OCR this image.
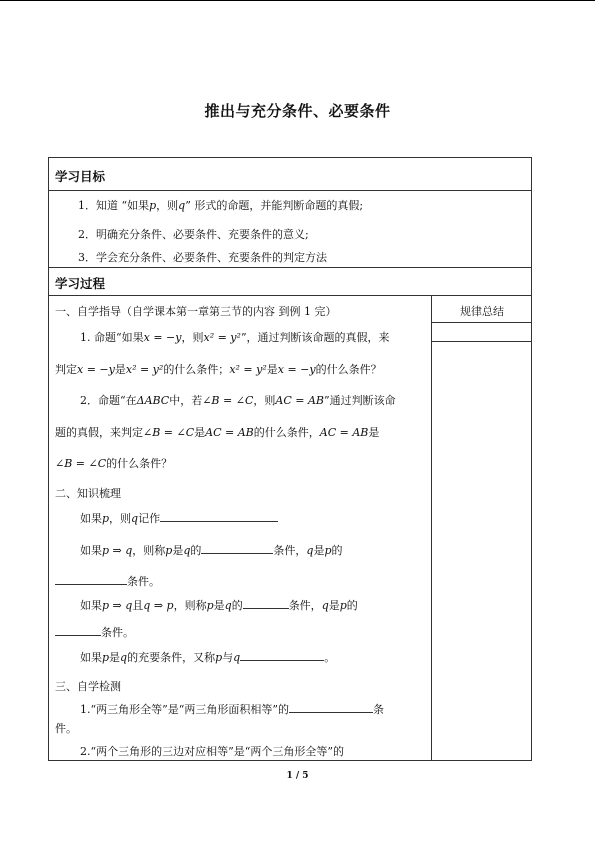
推出与充分条件、必要条件
学习目标
1．知道 “如果p，则q” 形式的命题，并能判断命题的真假;
2．明确充分条件、必要条件、充要条件的意义;
3．学会充分条件、必要条件、充要条件的判定方法
学习过程
规律总结
一、自学指导（自学课本第一章第三节的内容 到例 1 完）
1. 命题“如果x = −y，则x² = y²”，通过判断该命题的真假，来
判定x = −y是x² = y²的什么条件；x² = y²是x = −y的什么条件？
2．命题“在ΔABC中，若∠B = ∠C，则AC = AB”通过判断该命
题的真假，来判定∠B = ∠C是AC = AB的什么条件，AC = AB是
∠B = ∠C的什么条件？
二、知识梳理
如果p，则q记作
如果p ⇒ q，则称p是q的	条件，q是p的
条件。
如果p ⇒ q且q ⇒ p，则称p是q的	条件，q是p的
条件。
如果p是q的充要条件，又称p与q	。
三、自学检测
1.“两三角形全等”是“两三角形面积相等”的	条
件。
2.“两个三角形的三边对应相等”是“两个三角形全等”的
1 / 5
